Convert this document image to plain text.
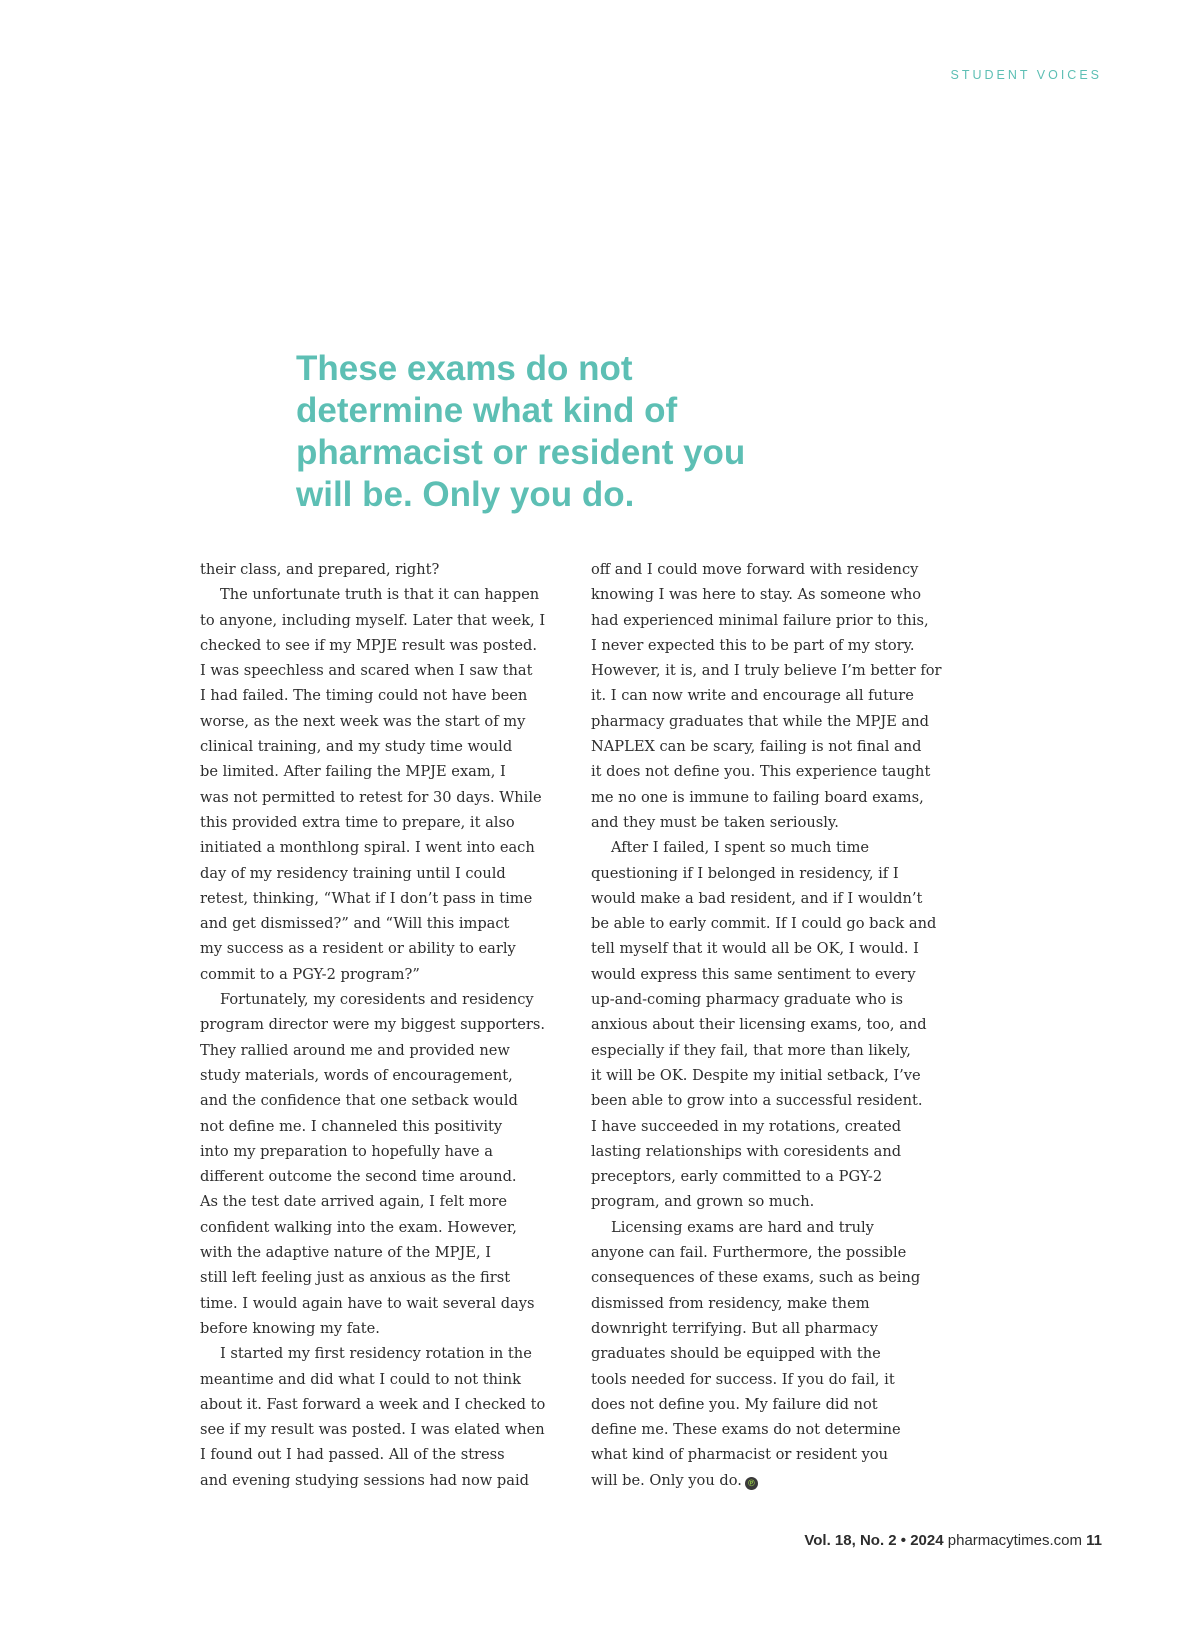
STUDENT VOICES
These exams do not
determine what kind of
pharmacist or resident you
will be. Only you do.
their class, and prepared, right?
The unfortunate truth is that it can happen
to anyone, including myself. Later that week, I
checked to see if my MPJE result was posted.
I was speechless and scared when I saw that
I had failed. The timing could not have been
worse, as the next week was the start of my
clinical training, and my study time would
be limited. After failing the MPJE exam, I
was not permitted to retest for 30 days. While
this provided extra time to prepare, it also
initiated a monthlong spiral. I went into each
day of my residency training until I could
retest, thinking, “What if I don’t pass in time
and get dismissed?” and “Will this impact
my success as a resident or ability to early
commit to a PGY-2 program?”
Fortunately, my coresidents and residency
program director were my biggest supporters.
They rallied around me and provided new
study materials, words of encouragement,
and the confidence that one setback would
not define me. I channeled this positivity
into my preparation to hopefully have a
different outcome the second time around.
As the test date arrived again, I felt more
confident walking into the exam. However,
with the adaptive nature of the MPJE, I
still left feeling just as anxious as the first
time. I would again have to wait several days
before knowing my fate.
I started my first residency rotation in the
meantime and did what I could to not think
about it. Fast forward a week and I checked to
see if my result was posted. I was elated when
I found out I had passed. All of the stress
and evening studying sessions had now paid
off and I could move forward with residency
knowing I was here to stay. As someone who
had experienced minimal failure prior to this,
I never expected this to be part of my story.
However, it is, and I truly believe I’m better for
it. I can now write and encourage all future
pharmacy graduates that while the MPJE and
NAPLEX can be scary, failing is not final and
it does not define you. This experience taught
me no one is immune to failing board exams,
and they must be taken seriously.
After I failed, I spent so much time
questioning if I belonged in residency, if I
would make a bad resident, and if I wouldn’t
be able to early commit. If I could go back and
tell myself that it would all be OK, I would. I
would express this same sentiment to every
up-and-coming pharmacy graduate who is
anxious about their licensing exams, too, and
especially if they fail, that more than likely,
it will be OK. Despite my initial setback, I’ve
been able to grow into a successful resident.
I have succeeded in my rotations, created
lasting relationships with coresidents and
preceptors, early committed to a PGY-2
program, and grown so much.
Licensing exams are hard and truly
anyone can fail. Furthermore, the possible
consequences of these exams, such as being
dismissed from residency, make them
downright terrifying. But all pharmacy
graduates should be equipped with the
tools needed for success. If you do fail, it
does not define you. My failure did not
define me. These exams do not determine
what kind of pharmacist or resident you
will be. Only you do. ℗
Vol. 18, No. 2 • 2024 pharmacytimes.com 11
